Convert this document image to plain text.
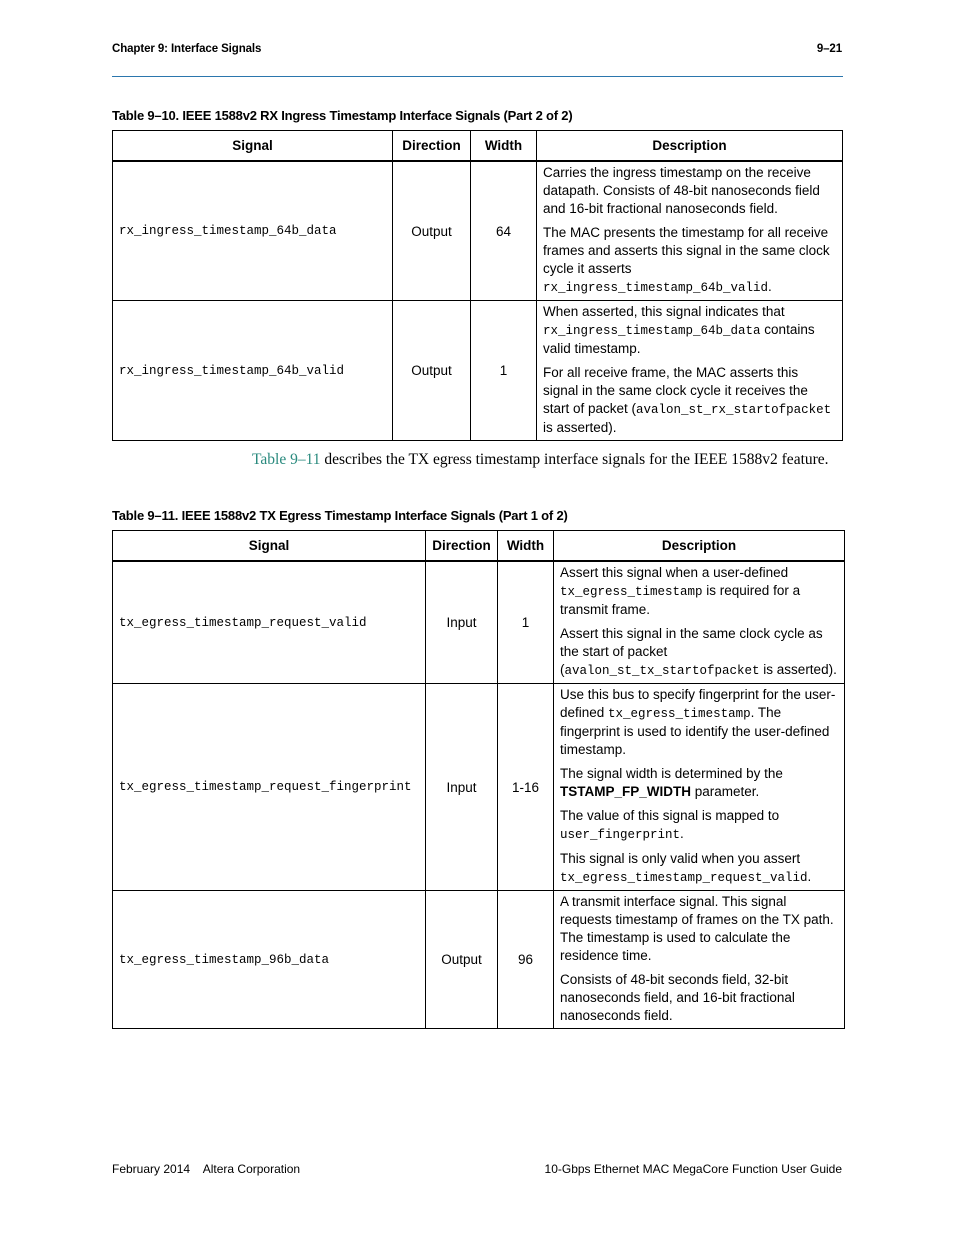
Chapter 9: Interface Signals	9–21
Table 9–10. IEEE 1588v2 RX Ingress Timestamp Interface Signals (Part 2 of 2)
Signal	Direction	Width	Description
rx_ingress_timestamp_64b_data	Output	64	Carries the ingress timestamp on the receive datapath. Consists of 48-bit nanoseconds field and 16-bit fractional nanoseconds field.

The MAC presents the timestamp for all receive frames and asserts this signal in the same clock cycle it asserts rx_ingress_timestamp_64b_valid.

rx_ingress_timestamp_64b_valid	Output	1	When asserted, this signal indicates that rx_ingress_timestamp_64b_data contains valid timestamp.

For all receive frame, the MAC asserts this signal in the same clock cycle it receives the start of packet (avalon_st_rx_startofpacket is asserted).

Table 9–11 describes the TX egress timestamp interface signals for the IEEE 1588v2 feature.
Table 9–11. IEEE 1588v2 TX Egress Timestamp Interface Signals (Part 1 of 2)
Signal	Direction	Width	Description
tx_egress_timestamp_request_valid	Input	1	Assert this signal when a user-defined tx_egress_timestamp is required for a transmit frame.

Assert this signal in the same clock cycle as the start of packet (avalon_st_tx_startofpacket is asserted).

tx_egress_timestamp_request_fingerprint	Input	1-16	Use this bus to specify fingerprint for the user-defined tx_egress_timestamp. The fingerprint is used to identify the user-defined timestamp.

The signal width is determined by the TSTAMP_FP_WIDTH parameter.

The value of this signal is mapped to user_fingerprint.

This signal is only valid when you assert tx_egress_timestamp_request_valid.

tx_egress_timestamp_96b_data	Output	96	A transmit interface signal. This signal requests timestamp of frames on the TX path. The timestamp is used to calculate the residence time.

Consists of 48-bit seconds field, 32-bit nanoseconds field, and 16-bit fractional nanoseconds field.

February 2014    Altera Corporation	10-Gbps Ethernet MAC MegaCore Function User Guide
